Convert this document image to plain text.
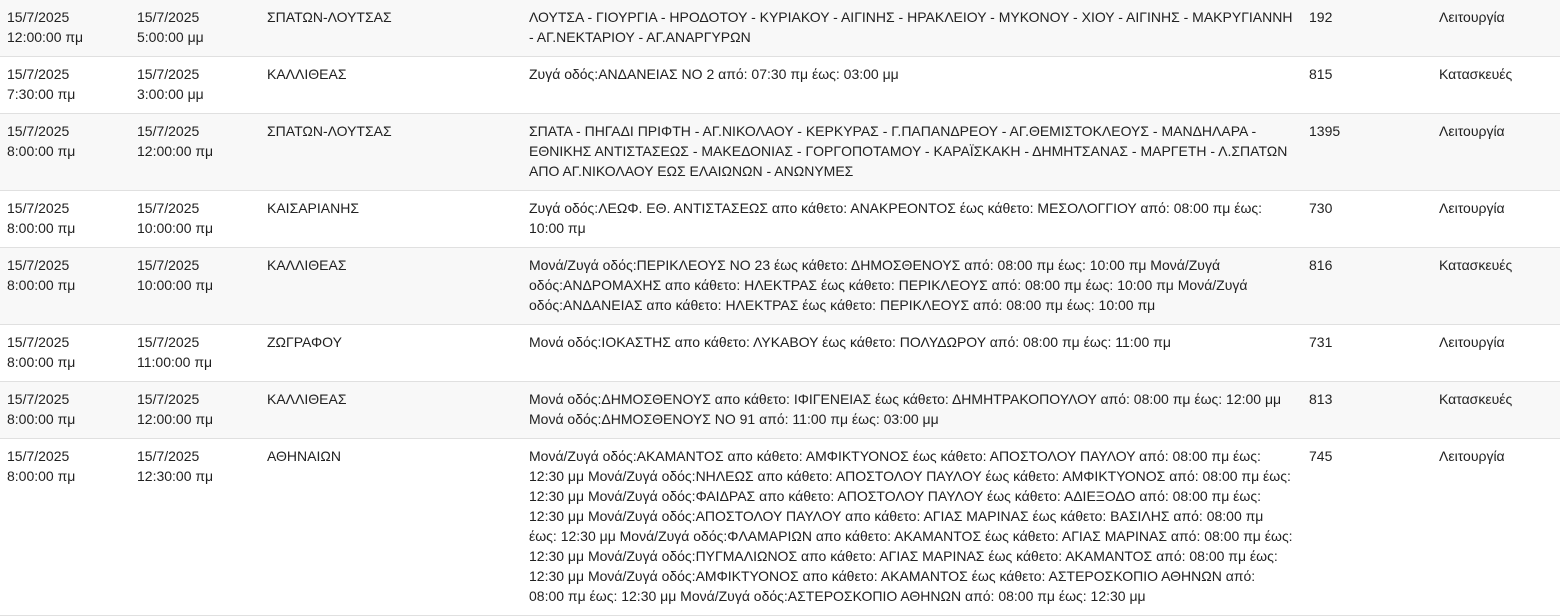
15/7/2025
12:00:00 πμ	15/7/2025
5:00:00 μμ	ΣΠΑΤΩΝ-ΛΟΥΤΣΑΣ	ΛΟΥΤΣΑ - ΓΙΟΥΡΓΙΑ - ΗΡΟΔΟΤΟΥ - ΚΥΡΙΑΚΟΥ - ΑΙΓΙΝΗΣ - ΗΡΑΚΛΕΙΟΥ - ΜΥΚΟΝΟΥ - ΧΙΟΥ - ΑΙΓΙΝΗΣ - ΜΑΚΡΥΓΙΑΝΝΗ - ΑΓ.ΝΕΚΤΑΡΙΟΥ - ΑΓ.ΑΝΑΡΓΥΡΩΝ	192	Λειτουργία

15/7/2025
7:30:00 πμ	15/7/2025
3:00:00 μμ	ΚΑΛΛΙΘΕΑΣ	Ζυγά οδός:ΑΝΔΑΝΕΙΑΣ ΝΟ 2 από: 07:30 πμ έως: 03:00 μμ	815	Κατασκευές

15/7/2025
8:00:00 πμ	15/7/2025
12:00:00 πμ	ΣΠΑΤΩΝ-ΛΟΥΤΣΑΣ	ΣΠΑΤΑ - ΠΗΓΑΔΙ ΠΡΙΦΤΗ - ΑΓ.ΝΙΚΟΛΑΟΥ - ΚΕΡΚΥΡΑΣ - Γ.ΠΑΠΑΝΔΡΕΟΥ - ΑΓ.ΘΕΜΙΣΤΟΚΛΕΟΥΣ - ΜΑΝΔΗΛΑΡΑ - ΕΘΝΙΚΗΣ ΑΝΤΙΣΤΑΣΕΩΣ - ΜΑΚΕΔΟΝΙΑΣ - ΓΟΡΓΟΠΟΤΑΜΟΥ - ΚΑΡΑΪΣΚΑΚΗ - ΔΗΜΗΤΣΑΝΑΣ - ΜΑΡΓΕΤΗ - Λ.ΣΠΑΤΩΝ ΑΠΟ ΑΓ.ΝΙΚΟΛΑΟΥ ΕΩΣ ΕΛΑΙΩΝΩΝ - ΑΝΩΝΥΜΕΣ	1395	Λειτουργία

15/7/2025
8:00:00 πμ	15/7/2025
10:00:00 πμ	ΚΑΙΣΑΡΙΑΝΗΣ	Ζυγά οδός:ΛΕΩΦ. ΕΘ. ΑΝΤΙΣΤΑΣΕΩΣ απο κάθετο: ΑΝΑΚΡΕΟΝΤΟΣ έως κάθετο: ΜΕΣΟΛΟΓΓΙΟΥ από: 08:00 πμ έως: 10:00 πμ	730	Λειτουργία

15/7/2025
8:00:00 πμ	15/7/2025
10:00:00 πμ	ΚΑΛΛΙΘΕΑΣ	Μονά/Ζυγά οδός:ΠΕΡΙΚΛΕΟΥΣ ΝΟ 23 έως κάθετο: ΔΗΜΟΣΘΕΝΟΥΣ από: 08:00 πμ έως: 10:00 πμ Μονά/Ζυγά οδός:ΑΝΔΡΟΜΑΧΗΣ απο κάθετο: ΗΛΕΚΤΡΑΣ έως κάθετο: ΠΕΡΙΚΛΕΟΥΣ από: 08:00 πμ έως: 10:00 πμ Μονά/Ζυγά οδός:ΑΝΔΑΝΕΙΑΣ απο κάθετο: ΗΛΕΚΤΡΑΣ έως κάθετο: ΠΕΡΙΚΛΕΟΥΣ από: 08:00 πμ έως: 10:00 πμ	816	Κατασκευές

15/7/2025
8:00:00 πμ	15/7/2025
11:00:00 πμ	ΖΩΓΡΑΦΟΥ	Μονά οδός:ΙΟΚΑΣΤΗΣ απο κάθετο: ΛΥΚΑΒΟΥ έως κάθετο: ΠΟΛΥΔΩΡΟΥ από: 08:00 πμ έως: 11:00 πμ	731	Λειτουργία

15/7/2025
8:00:00 πμ	15/7/2025
12:00:00 πμ	ΚΑΛΛΙΘΕΑΣ	Μονά οδός:ΔΗΜΟΣΘΕΝΟΥΣ απο κάθετο: ΙΦΙΓΕΝΕΙΑΣ έως κάθετο: ΔΗΜΗΤΡΑΚΟΠΟΥΛΟΥ από: 08:00 πμ έως: 12:00 μμ Μονά οδός:ΔΗΜΟΣΘΕΝΟΥΣ ΝΟ 91 από: 11:00 πμ έως: 03:00 μμ	813	Κατασκευές

15/7/2025
8:00:00 πμ	15/7/2025
12:30:00 πμ	ΑΘΗΝΑΙΩΝ	Μονά/Ζυγά οδός:ΑΚΑΜΑΝΤΟΣ απο κάθετο: ΑΜΦΙΚΤΥΟΝΟΣ έως κάθετο: ΑΠΟΣΤΟΛΟΥ ΠΑΥΛΟΥ από: 08:00 πμ έως: 12:30 μμ Μονά/Ζυγά οδός:ΝΗΛΕΩΣ απο κάθετο: ΑΠΟΣΤΟΛΟΥ ΠΑΥΛΟΥ έως κάθετο: ΑΜΦΙΚΤΥΟΝΟΣ από: 08:00 πμ έως: 12:30 μμ Μονά/Ζυγά οδός:ΦΑΙΔΡΑΣ απο κάθετο: ΑΠΟΣΤΟΛΟΥ ΠΑΥΛΟΥ έως κάθετο: ΑΔΙΕΞΟΔΟ από: 08:00 πμ έως: 12:30 μμ Μονά/Ζυγά οδός:ΑΠΟΣΤΟΛΟΥ ΠΑΥΛΟΥ απο κάθετο: ΑΓΙΑΣ ΜΑΡΙΝΑΣ έως κάθετο: ΒΑΣΙΛΗΣ από: 08:00 πμ έως: 12:30 μμ Μονά/Ζυγά οδός:ΦΛΑΜΑΡΙΩΝ απο κάθετο: ΑΚΑΜΑΝΤΟΣ έως κάθετο: ΑΓΙΑΣ ΜΑΡΙΝΑΣ από: 08:00 πμ έως: 12:30 μμ Μονά/Ζυγά οδός:ΠΥΓΜΑΛΙΩΝΟΣ απο κάθετο: ΑΓΙΑΣ ΜΑΡΙΝΑΣ έως κάθετο: ΑΚΑΜΑΝΤΟΣ από: 08:00 πμ έως: 12:30 μμ Μονά/Ζυγά οδός:ΑΜΦΙΚΤΥΟΝΟΣ απο κάθετο: ΑΚΑΜΑΝΤΟΣ έως κάθετο: ΑΣΤΕΡΟΣΚΟΠΙΟ ΑΘΗΝΩΝ από: 08:00 πμ έως: 12:30 μμ Μονά/Ζυγά οδός:ΑΣΤΕΡΟΣΚΟΠΙΟ ΑΘΗΝΩΝ από: 08:00 πμ έως: 12:30 μμ	745	Λειτουργία
